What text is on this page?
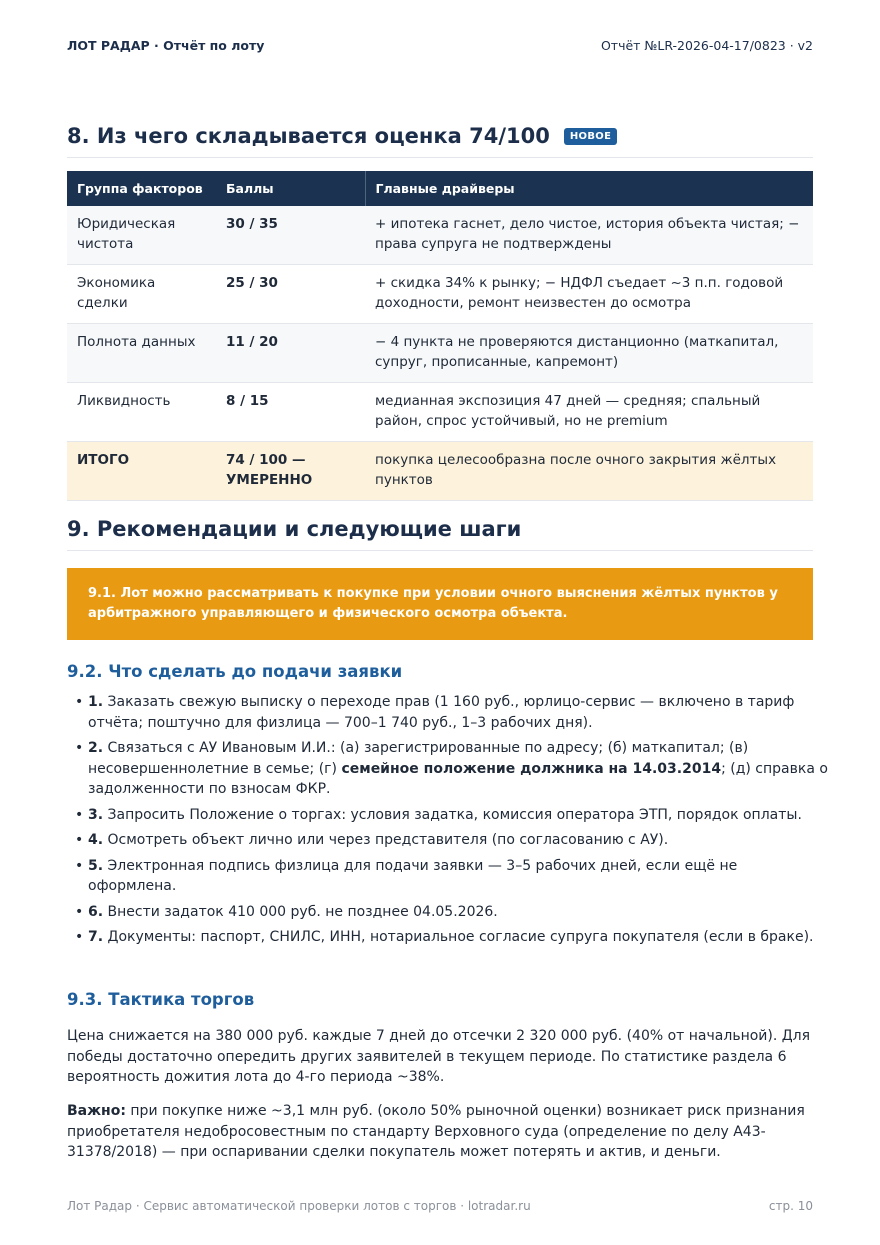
ЛОТ РАДАР · Отчёт по лоту	Отчёт №LR-2026-04-17/0823 · v2
8. Из чего складывается оценка 74/100	НОВОЕ
Группа факторов	Баллы	Главные драйверы
Юридическая чистота	30 / 35	+ ипотека гаснет, дело чистое, история объекта чистая; − права супруга не подтверждены
Экономика сделки	25 / 30	+ скидка 34% к рынку; − НДФЛ съедает ~3 п.п. годовой доходности, ремонт неизвестен до осмотра
Полнота данных	11 / 20	− 4 пункта не проверяются дистанционно (маткапитал, супруг, прописанные, капремонт)
Ликвидность	8 / 15	медианная экспозиция 47 дней — средняя; спальный район, спрос устойчивый, но не premium
ИТОГО	74 / 100 — УМЕРЕННО	покупка целесообразна после очного закрытия жёлтых пунктов
9. Рекомендации и следующие шаги
9.1. Лот можно рассматривать к покупке при условии очного выяснения жёлтых пунктов у арбитражного управляющего и физического осмотра объекта.
9.2. Что сделать до подачи заявки
• 1. Заказать свежую выписку о переходе прав (1 160 руб., юрлицо-сервис — включено в тариф отчёта; поштучно для физлица — 700–1 740 руб., 1–3 рабочих дня).
• 2. Связаться с АУ Ивановым И.И.: (а) зарегистрированные по адресу; (б) маткапитал; (в) несовершеннолетние в семье; (г) семейное положение должника на 14.03.2014; (д) справка о задолженности по взносам ФКР.
• 3. Запросить Положение о торгах: условия задатка, комиссия оператора ЭТП, порядок оплаты.
• 4. Осмотреть объект лично или через представителя (по согласованию с АУ).
• 5. Электронная подпись физлица для подачи заявки — 3–5 рабочих дней, если ещё не оформлена.
• 6. Внести задаток 410 000 руб. не позднее 04.05.2026.
• 7. Документы: паспорт, СНИЛС, ИНН, нотариальное согласие супруга покупателя (если в браке).
9.3. Тактика торгов

Цена снижается на 380 000 руб. каждые 7 дней до отсечки 2 320 000 руб. (40% от начальной). Для победы достаточно опередить других заявителей в текущем периоде. По статистике раздела 6 вероятность дожития лота до 4-го периода ~38%.

Важно: при покупке ниже ~3,1 млн руб. (около 50% рыночной оценки) возникает риск признания приобретателя недобросовестным по стандарту Верховного суда (определение по делу А43-31378/2018) — при оспаривании сделки покупатель может потерять и актив, и деньги.

Лот Радар · Сервис автоматической проверки лотов с торгов · lotradar.ru	стр. 10
